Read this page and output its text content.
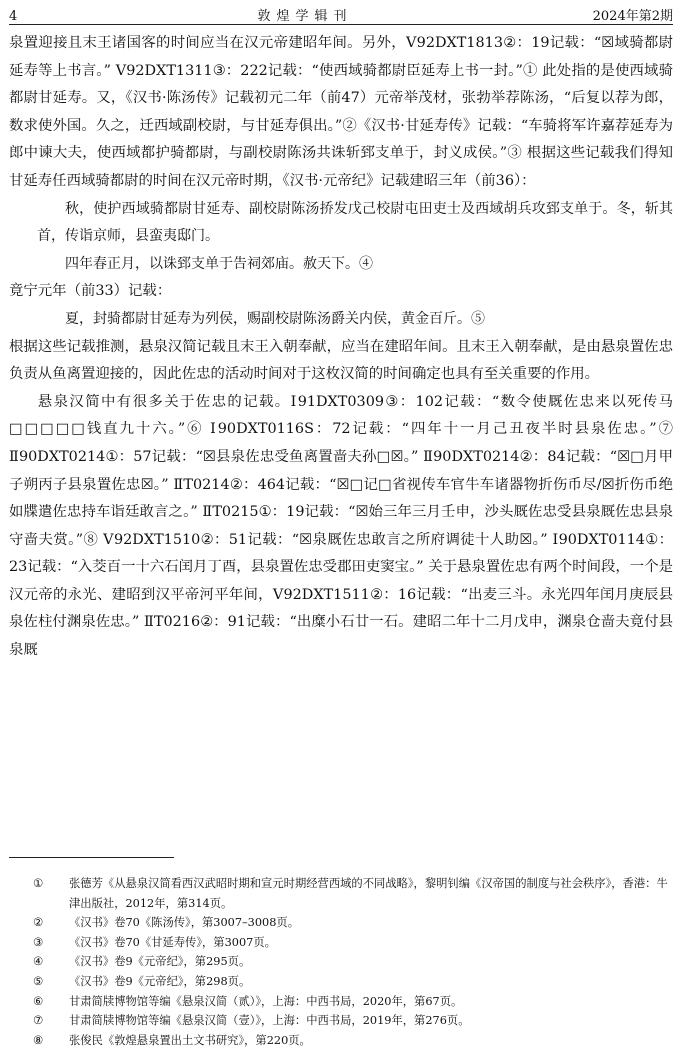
4	敦煌学辑刊	2024年第2期

泉置迎接且末王诸国客的时间应当在汉元帝建昭年间。另外，Ⅴ92DXT1813②：19记载：“☒域骑都尉延寿等上书言。” Ⅴ92DXT1311③：222记载：“使西域骑都尉臣延寿上书一封。”① 此处指的是使西域骑都尉甘延寿。又，《汉书·陈汤传》记载初元二年（前47）元帝举茂材，张勃举荐陈汤，“后复以荐为郎，数求使外国。久之，迁西域副校尉，与甘延寿俱出。”②《汉书·甘延寿传》记载：“车骑将军许嘉荐延寿为郎中谏大夫，使西域都护骑都尉，与副校尉陈汤共诛斩郅支单于，封义成侯。”③ 根据这些记载我们得知甘延寿任西域骑都尉的时间在汉元帝时期，《汉书·元帝纪》记载建昭三年（前36）：

秋，使护西域骑都尉甘延寿、副校尉陈汤挢发戊己校尉屯田吏士及西域胡兵攻郅支单于。冬，斩其首，传诣京师，县蛮夷邸门。

四年春正月，以诛郅支单于告祠郊庙。赦天下。④

竟宁元年（前33）记载：

夏，封骑都尉甘延寿为列侯，赐副校尉陈汤爵关内侯，黄金百斤。⑤

根据这些记载推测，悬泉汉简记载且末王入朝奉献，应当在建昭年间。且末王入朝奉献，是由悬泉置佐忠负责从鱼离置迎接的，因此佐忠的活动时间对于这枚汉简的时间确定也具有至关重要的作用。

悬泉汉简中有很多关于佐忠的记载。Ⅰ91DXT0309③：102记载：“数令使厩佐忠来以死传马□□□□□钱直九十六。”⑥ Ⅰ90DXT0116S：72记载：“四年十一月己丑夜半时县泉佐忠。”⑦ Ⅱ90DXT0214①：57记载：“☒县泉佐忠受鱼离置啬夫孙□☒。” Ⅱ90DXT0214②：84记载：“☒□月甲子朔丙子县泉置佐忠☒。” ⅡT0214②：464记载：“☒□记□省视传车官牛车诸器物折伤币尽/☒折伤币绝如牒遣佐忠持车诣廷敢言之。” ⅡT0215①：19记载：“☒始三年三月壬申，沙头厩佐忠受县泉厩佐忠县泉守啬夫赏。”⑧ Ⅴ92DXT1510②：51记载：“☒泉厩佐忠敢言之所府调徒十人助☒。” Ⅰ90DXT0114①：23记载：“入茭百一十六石闰月丁酉，县泉置佐忠受郡田吏窦宝。” 关于悬泉置佐忠有两个时间段，一个是汉元帝的永光、建昭到汉平帝河平年间，Ⅴ92DXT1511②：16记载：“出麦三斗。永光四年闰月庚辰县泉佐柱付渊泉佐忠。” ⅡT0216②：91记载：“出糜小石廿一石。建昭二年十二月戊申，渊泉仓啬夫竟付县泉厩

①	张德芳《从悬泉汉简看西汉武昭时期和宣元时期经营西域的不同战略》，黎明钊编《汉帝国的制度与社会秩序》，香港：牛津出版社，2012年，第314页。
②	《汉书》卷70《陈汤传》，第3007–3008页。
③	《汉书》卷70《甘延寿传》，第3007页。
④	《汉书》卷9《元帝纪》，第295页。
⑤	《汉书》卷9《元帝纪》，第298页。
⑥	甘肃简牍博物馆等编《悬泉汉简（贰）》，上海：中西书局，2020年，第67页。
⑦	甘肃简牍博物馆等编《悬泉汉简（壹）》，上海：中西书局，2019年，第276页。
⑧	张俊民《敦煌悬泉置出土文书研究》，第220页。
